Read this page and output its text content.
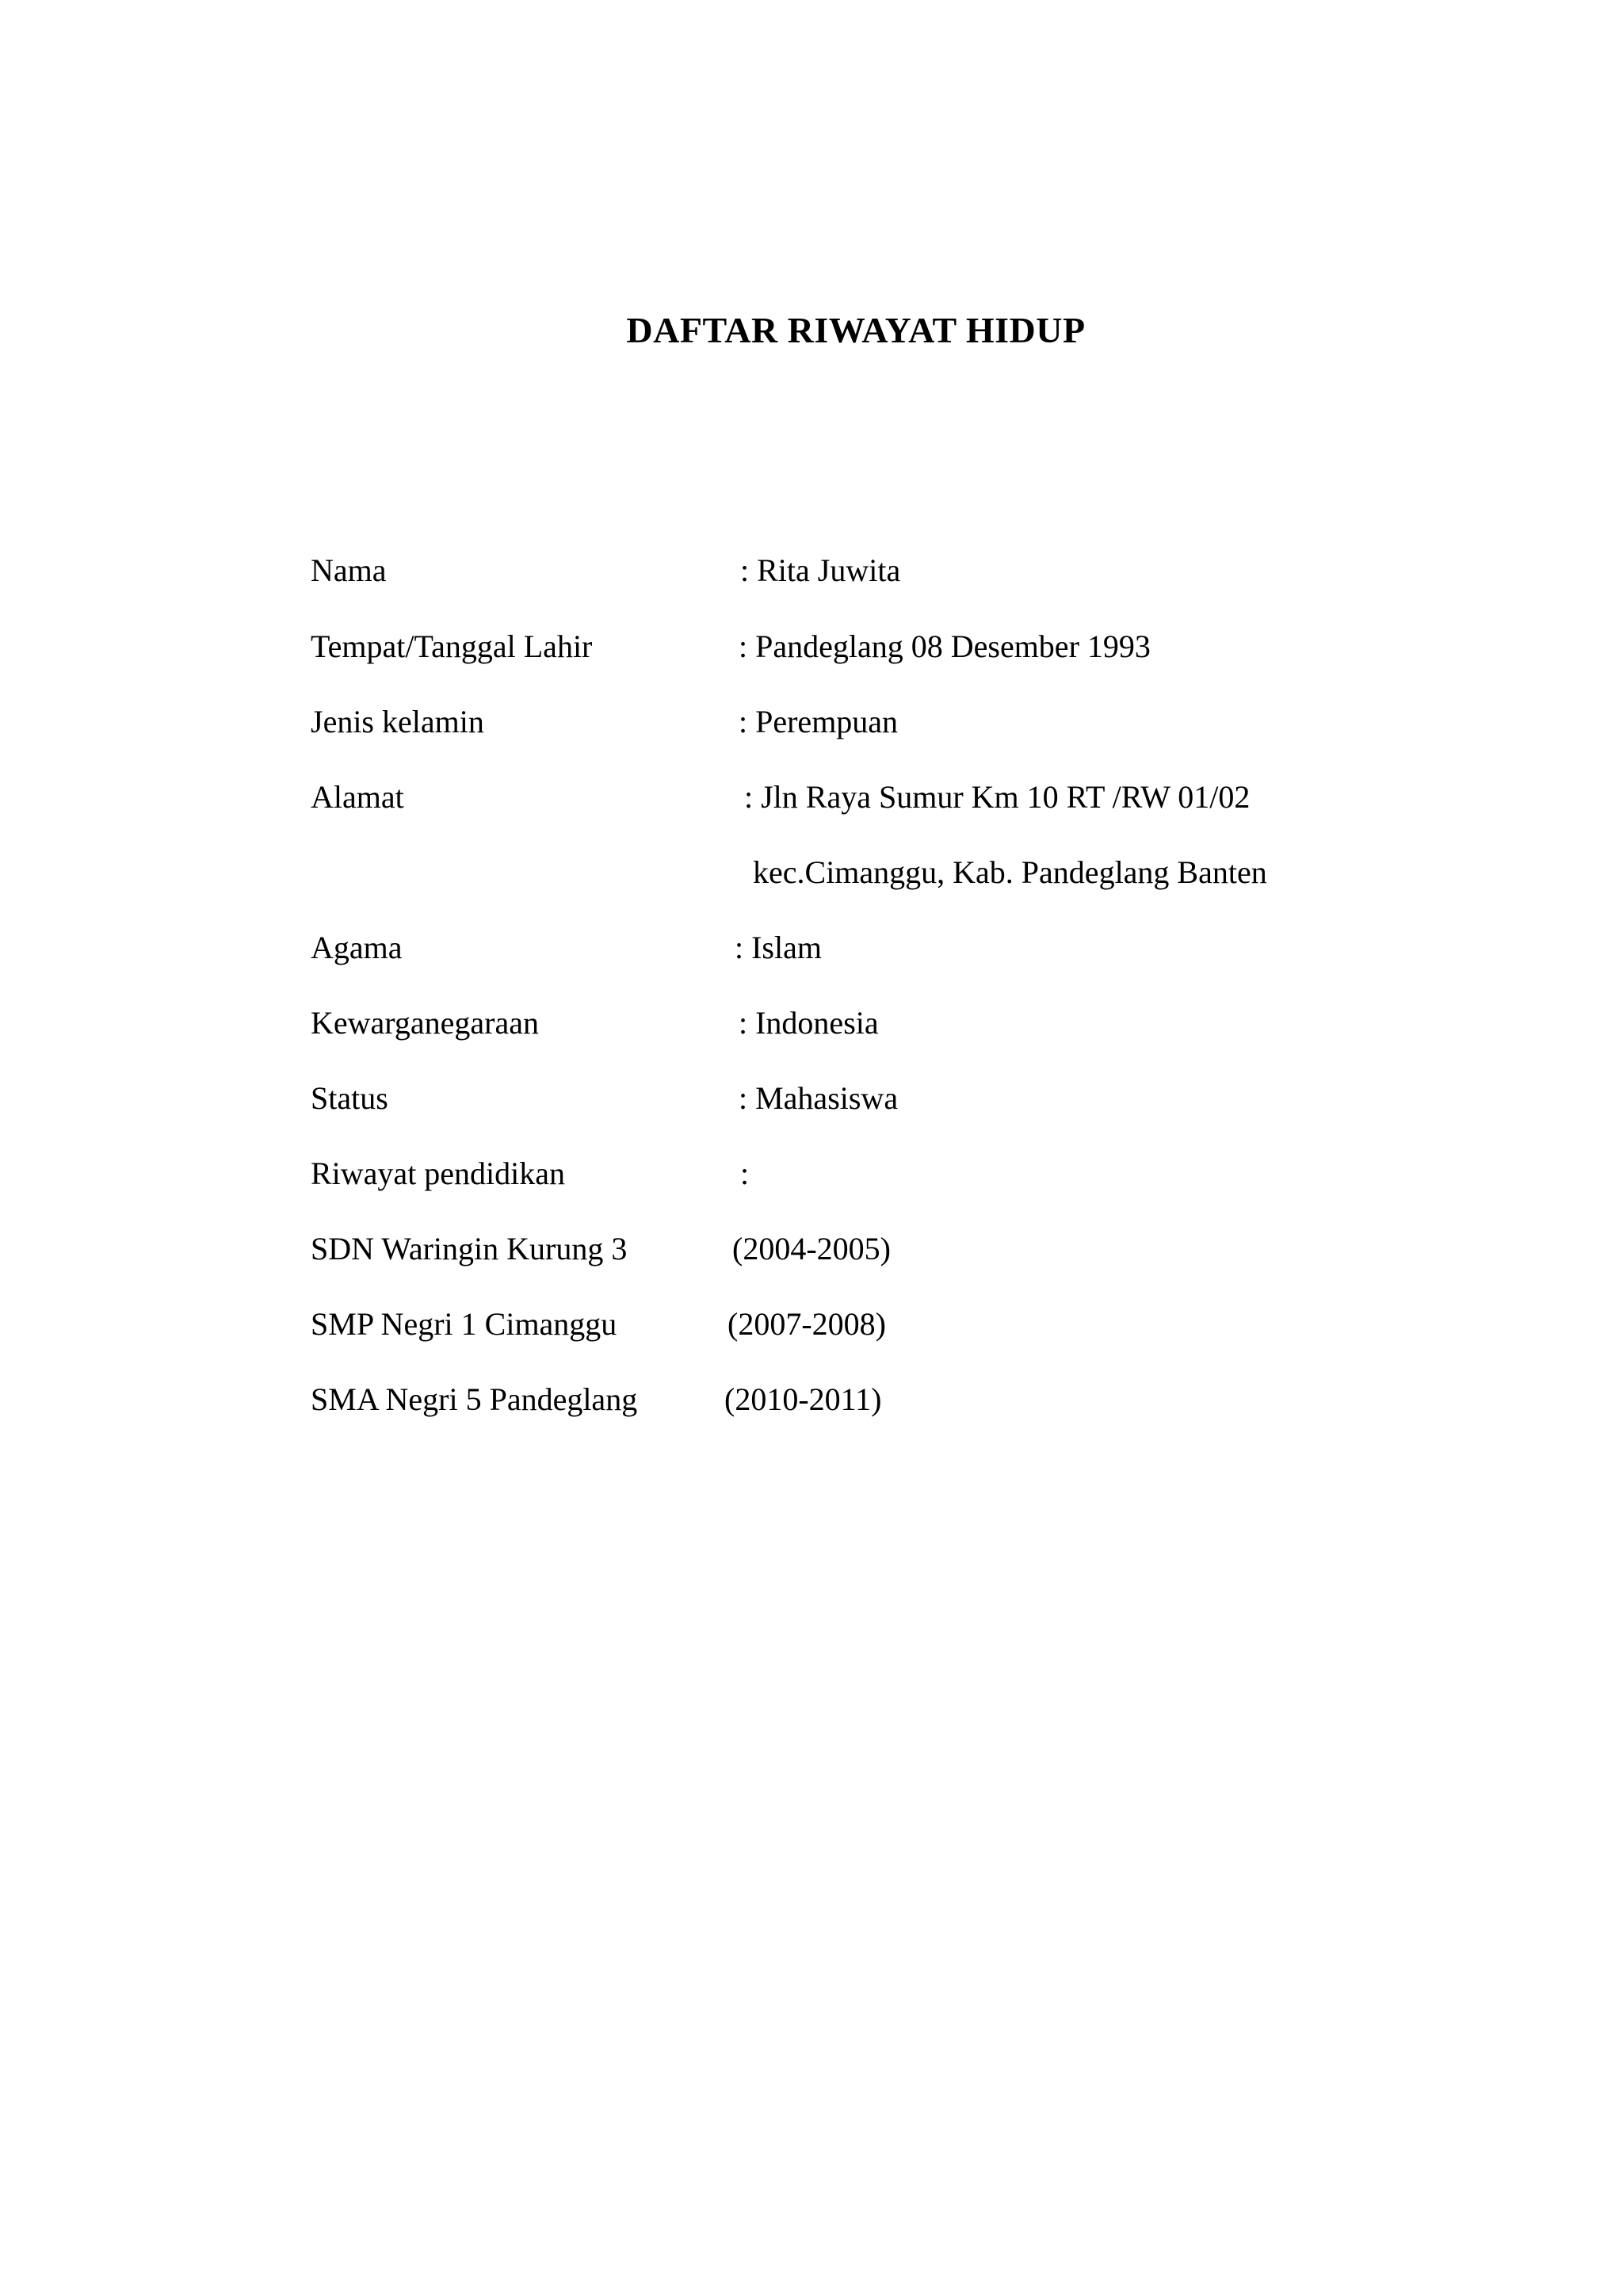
DAFTAR RIWAYAT HIDUP
Nama	: Rita Juwita
Tempat/Tanggal Lahir	: Pandeglang 08 Desember 1993
Jenis kelamin	: Perempuan
Alamat	: Jln Raya Sumur Km 10 RT /RW 01/02
kec.Cimanggu, Kab. Pandeglang Banten
Agama	: Islam
Kewarganegaraan	: Indonesia
Status	: Mahasiswa
Riwayat pendidikan	:
SDN Waringin Kurung 3	(2004-2005)
SMP Negri 1 Cimanggu	(2007-2008)
SMA Negri 5 Pandeglang	(2010-2011)
